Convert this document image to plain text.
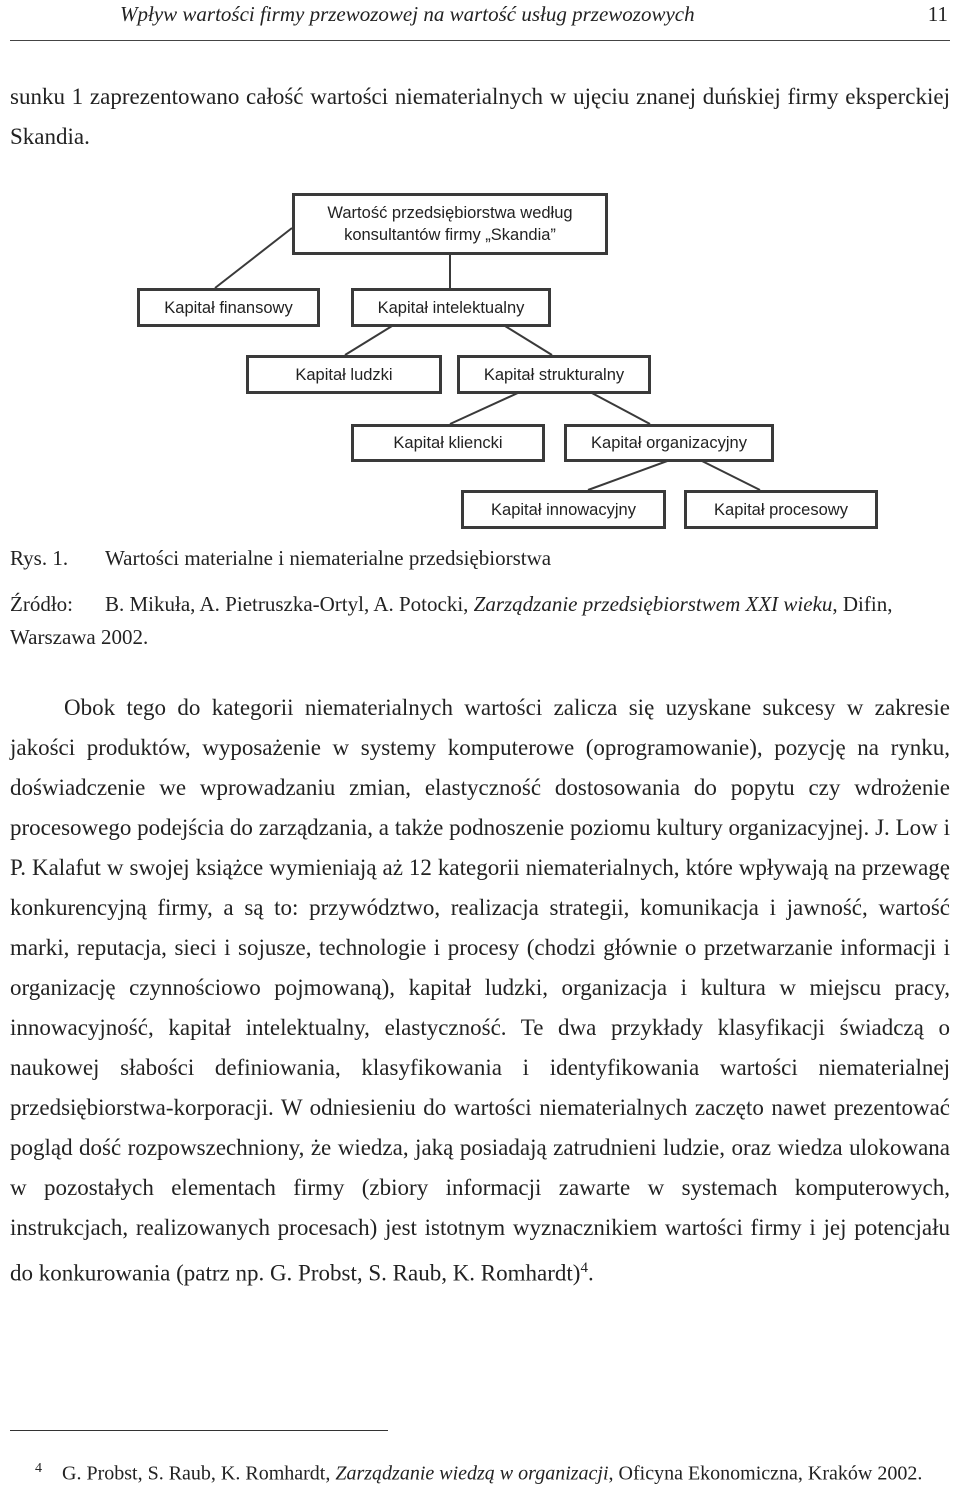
Wpływ wartości firmy przewozowej na wartość usług przewozowych	11

sunku 1 zaprezentowano całość wartości niematerialnych w ujęciu znanej duńskiej firmy eksperckiej Skandia.

Wartość przedsiębiorstwa według konsultantów firmy „Skandia”
Kapitał finansowy	Kapitał intelektualny
Kapitał ludzki	Kapitał strukturalny
Kapitał kliencki	Kapitał organizacyjny
Kapitał innowacyjny	Kapitał procesowy
Rys. 1. Wartości materialne i niematerialne przedsiębiorstwa
Źródło: B. Mikuła, A. Pietruszka-Ortyl, A. Potocki, Zarządzanie przedsiębiorstwem XXI wieku, Difin, Warszawa 2002.

Obok tego do kategorii niematerialnych wartości zalicza się uzyskane sukcesy w zakresie jakości produktów, wyposażenie w systemy komputerowe (oprogramowanie), pozycję na rynku, doświadczenie we wprowadzaniu zmian, elastyczność dostosowania do popytu czy wdrożenie procesowego podejścia do zarządzania, a także podnoszenie poziomu kultury organizacyjnej. J. Low i P. Kalafut w swojej książce wymieniają aż 12 kategorii niematerialnych, które wpływają na przewagę konkurencyjną firmy, a są to: przywództwo, realizacja strategii, komunikacja i jawność, wartość marki, reputacja, sieci i sojusze, technologie i procesy (chodzi głównie o przetwarzanie informacji i organizację czynnościowo pojmowaną), kapitał ludzki, organizacja i kultura w miejscu pracy, innowacyjność, kapitał intelektualny, elastyczność. Te dwa przykłady klasyfikacji świadczą o naukowej słabości definiowania, klasyfikowania i identyfikowania wartości niematerialnej przedsiębiorstwa-korporacji. W odniesieniu do wartości niematerialnych zaczęto nawet prezentować pogląd dość rozpowszechniony, że wiedza, jaką posiadają zatrudnieni ludzie, oraz wiedza ulokowana w pozostałych elementach firmy (zbiory informacji zawarte w systemach komputerowych, instrukcjach, realizowanych procesach) jest istotnym wyznacznikiem wartości firmy i jej potencjału do konkurowania (patrz np. G. Probst, S. Raub, K. Romhardt)$^4$.

$^4$ G. Probst, S. Raub, K. Romhardt, Zarządzanie wiedzą w organizacji, Oficyna Ekonomiczna, Kraków 2002.
